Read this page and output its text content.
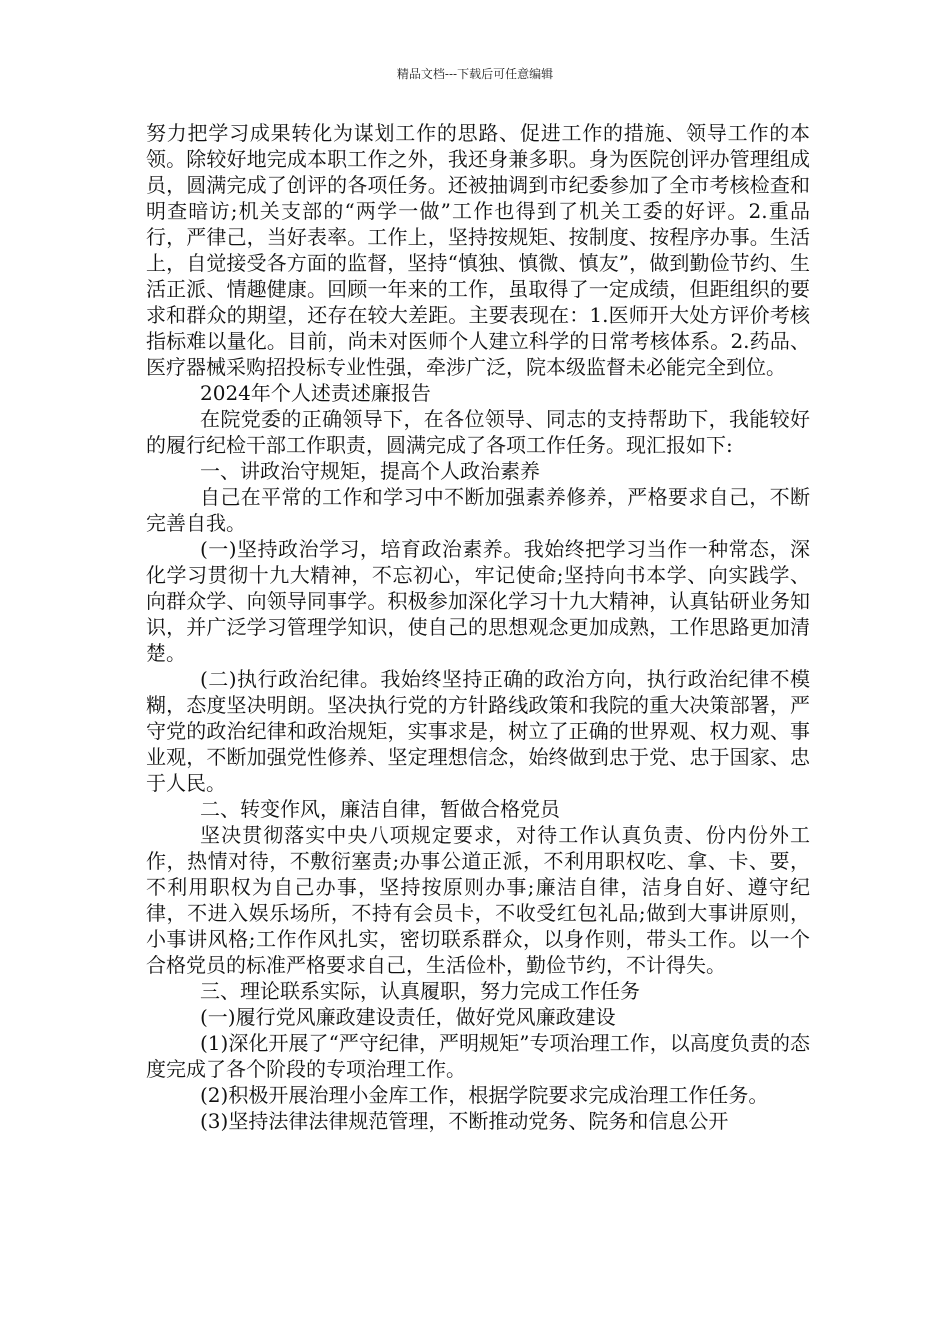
精品文档---下载后可任意编辑

努力把学习成果转化为谋划工作的思路、促进工作的措施、领导工作的本领。除较好地完成本职工作之外，我还身兼多职。身为医院创评办管理组成员，圆满完成了创评的各项任务。还被抽调到市纪委参加了全市考核检查和明查暗访;机关支部的“两学一做”工作也得到了机关工委的好评。2.重品行，严律己，当好表率。工作上，坚持按规矩、按制度、按程序办事。生活上，自觉接受各方面的监督，坚持“慎独、慎微、慎友”，做到勤俭节约、生活正派、情趣健康。回顾一年来的工作，虽取得了一定成绩，但距组织的要求和群众的期望，还存在较大差距。主要表现在：1.医师开大处方评价考核指标难以量化。目前，尚未对医师个人建立科学的日常考核体系。2.药品、医疗器械采购招投标专业性强，牵涉广泛，院本级监督未必能完全到位。

2024年个人述责述廉报告

在院党委的正确领导下，在各位领导、同志的支持帮助下，我能较好的履行纪检干部工作职责，圆满完成了各项工作任务。现汇报如下:

一、讲政治守规矩，提高个人政治素养

自己在平常的工作和学习中不断加强素养修养，严格要求自己，不断完善自我。

(一)坚持政治学习，培育政治素养。我始终把学习当作一种常态，深化学习贯彻十九大精神，不忘初心，牢记使命;坚持向书本学、向实践学、向群众学、向领导同事学。积极参加深化学习十九大精神，认真钻研业务知识，并广泛学习管理学知识，使自己的思想观念更加成熟，工作思路更加清楚。

(二)执行政治纪律。我始终坚持正确的政治方向，执行政治纪律不模糊，态度坚决明朗。坚决执行党的方针路线政策和我院的重大决策部署，严守党的政治纪律和政治规矩，实事求是，树立了正确的世界观、权力观、事业观，不断加强党性修养、坚定理想信念，始终做到忠于党、忠于国家、忠于人民。

二、转变作风，廉洁自律，暂做合格党员

坚决贯彻落实中央八项规定要求，对待工作认真负责、份内份外工作，热情对待，不敷衍塞责;办事公道正派，不利用职权吃、拿、卡、要，不利用职权为自己办事，坚持按原则办事;廉洁自律，洁身自好、遵守纪律，不进入娱乐场所，不持有会员卡，不收受红包礼品;做到大事讲原则，小事讲风格;工作作风扎实，密切联系群众，以身作则，带头工作。以一个合格党员的标准严格要求自己，生活俭朴，勤俭节约，不计得失。

三、理论联系实际，认真履职，努力完成工作任务

(一)履行党风廉政建设责任，做好党风廉政建设

(1)深化开展了“严守纪律，严明规矩”专项治理工作，以高度负责的态度完成了各个阶段的专项治理工作。

(2)积极开展治理小金库工作，根据学院要求完成治理工作任务。

(3)坚持法律法律规范管理，不断推动党务、院务和信息公开
